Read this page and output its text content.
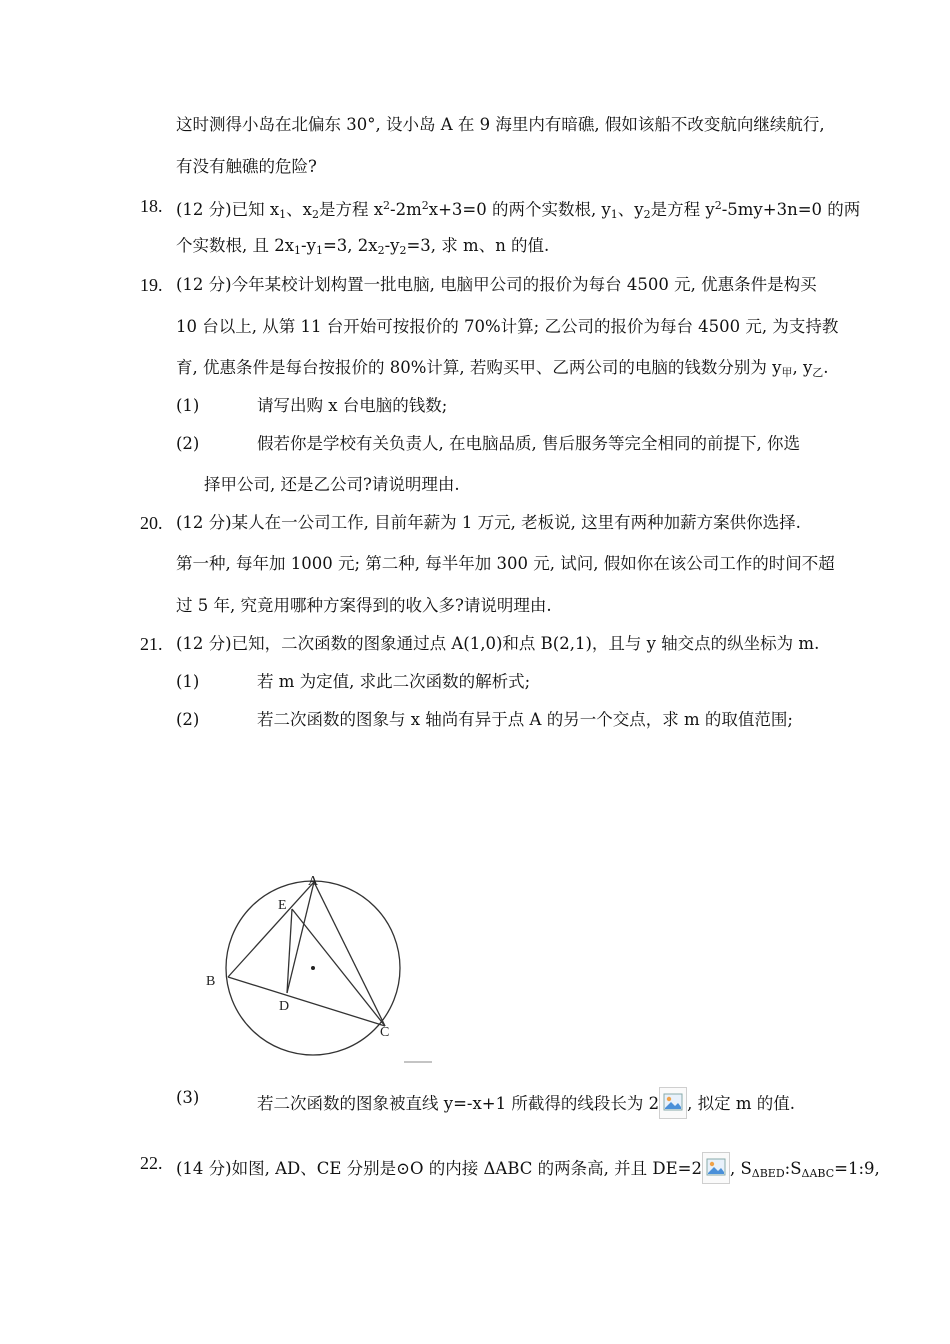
这时测得小岛在北偏东 30°, 设小岛 A 在 9 海里内有暗礁, 假如该船不改变航向继续航行,
有没有触礁的危险?
18. (12 分)已知 $x_1$、$x_2$是方程 $x^2-2m^2x+3=0$ 的两个实数根, $y_1$、$y_2$是方程 $y^2-5my+3n=0$ 的两
个实数根, 且 $2x_1-y_1=3$, $2x_2-y_2=3$, 求 m、n 的值.
19. (12 分)今年某校计划构置一批电脑, 电脑甲公司的报价为每台 4500 元, 优惠条件是构买
10 台以上, 从第 11 台开始可按报价的 70%计算; 乙公司的报价为每台 4500 元, 为支持教
育, 优惠条件是每台按报价的 80%计算, 若购买甲、乙两公司的电脑的钱数分别为 $y_甲$, $y_乙$.
(1)	请写出购 x 台电脑的钱数;
(2)	假若你是学校有关负责人, 在电脑品质, 售后服务等完全相同的前提下, 你选
择甲公司, 还是乙公司?请说明理由.
20. (12 分)某人在一公司工作, 目前年薪为 1 万元, 老板说, 这里有两种加薪方案供你选择.
第一种, 每年加 1000 元; 第二种, 每半年加 300 元, 试问, 假如你在该公司工作的时间不超
过 5 年, 究竟用哪种方案得到的收入多?请说明理由.
21. (12 分)已知，二次函数的图象通过点 A(1,0)和点 B(2,1)，且与 y 轴交点的纵坐标为 m.
(1)	若 m 为定值, 求此二次函数的解析式;
(2)	若二次函数的图象与 x 轴尚有异于点 A 的另一个交点，求 m 的取值范围;
A
E
B
D
C
(3)	若二次函数的图象被直线 y=-x+1 所截得的线段长为 2 , 拟定 m 的值.
22. (14 分)如图, AD、CE 分别是⊙O 的内接 ΔABC 的两条高, 并且 DE=2 , $S_{\Delta BED}:S_{\Delta ABC}=1:9$,
